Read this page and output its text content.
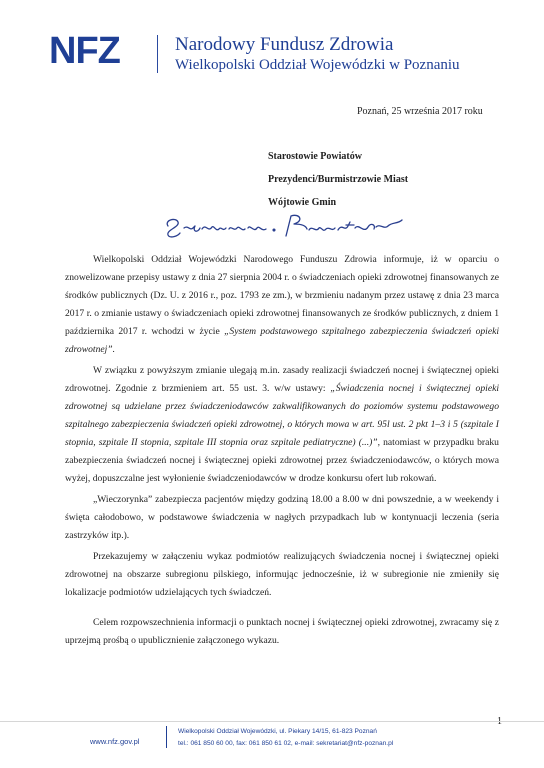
NFZ	Narodowy Fundusz Zdrowia
Wielkopolski Oddział Wojewódzki w Poznaniu
Poznań, 25 września 2017 roku
Starostowie Powiatów
Prezydenci/Burmistrzowie Miast
Wójtowie Gmin

Wielkopolski Oddział Wojewódzki Narodowego Funduszu Zdrowia informuje, iż w oparciu o znowelizowane przepisy ustawy z dnia 27 sierpnia 2004 r. o świadczeniach opieki zdrowotnej finansowanych ze środków publicznych (Dz. U. z 2016 r., poz. 1793 ze zm.), w brzmieniu nadanym przez ustawę z dnia 23 marca 2017 r. o zmianie ustawy o świadczeniach opieki zdrowotnej finansowanych ze środków publicznych, z dniem 1 października 2017 r. wchodzi w życie „System podstawowego szpitalnego zabezpieczenia świadczeń opieki zdrowotnej”.

W związku z powyższym zmianie ulegają m.in. zasady realizacji świadczeń nocnej i świątecznej opieki zdrowotnej. Zgodnie z brzmieniem art. 55 ust. 3. w/w ustawy: „Świadczenia nocnej i świątecznej opieki zdrowotnej są udzielane przez świadczeniodawców zakwalifikowanych do poziomów systemu podstawowego szpitalnego zabezpieczenia świadczeń opieki zdrowotnej, o których mowa w art. 95l ust. 2 pkt 1–3 i 5 (szpitale I stopnia, szpitale II stopnia, szpitale III stopnia oraz szpitale pediatryczne) (...)”, natomiast w przypadku braku zabezpieczenia świadczeń nocnej i świątecznej opieki zdrowotnej przez świadczeniodawców, o których mowa wyżej, dopuszczalne jest wyłonienie świadczeniodawców w drodze konkursu ofert lub rokowań.

„Wieczorynka” zabezpiecza pacjentów między godziną 18.00 a 8.00 w dni powszednie, a w weekendy i święta całodobowo, w podstawowe świadczenia w nagłych przypadkach lub w kontynuacji leczenia (seria zastrzyków itp.).

Przekazujemy w załączeniu wykaz podmiotów realizujących świadczenia nocnej i świątecznej opieki zdrowotnej na obszarze subregionu pilskiego, informując jednocześnie, iż w subregionie nie zmieniły się lokalizacje podmiotów udzielających tych świadczeń.

Celem rozpowszechnienia informacji o punktach nocnej i świątecznej opieki zdrowotnej, zwracamy się z uprzejmą prośbą o upublicznienie załączonego wykazu.

www.nfz.gov.pl
Wielkopolski Oddział Wojewódzki, ul. Piekary 14/15, 61-823 Poznań
tel.: 061 850 60 00, fax: 061 850 61 02, e-mail: sekretariat@nfz-poznan.pl
